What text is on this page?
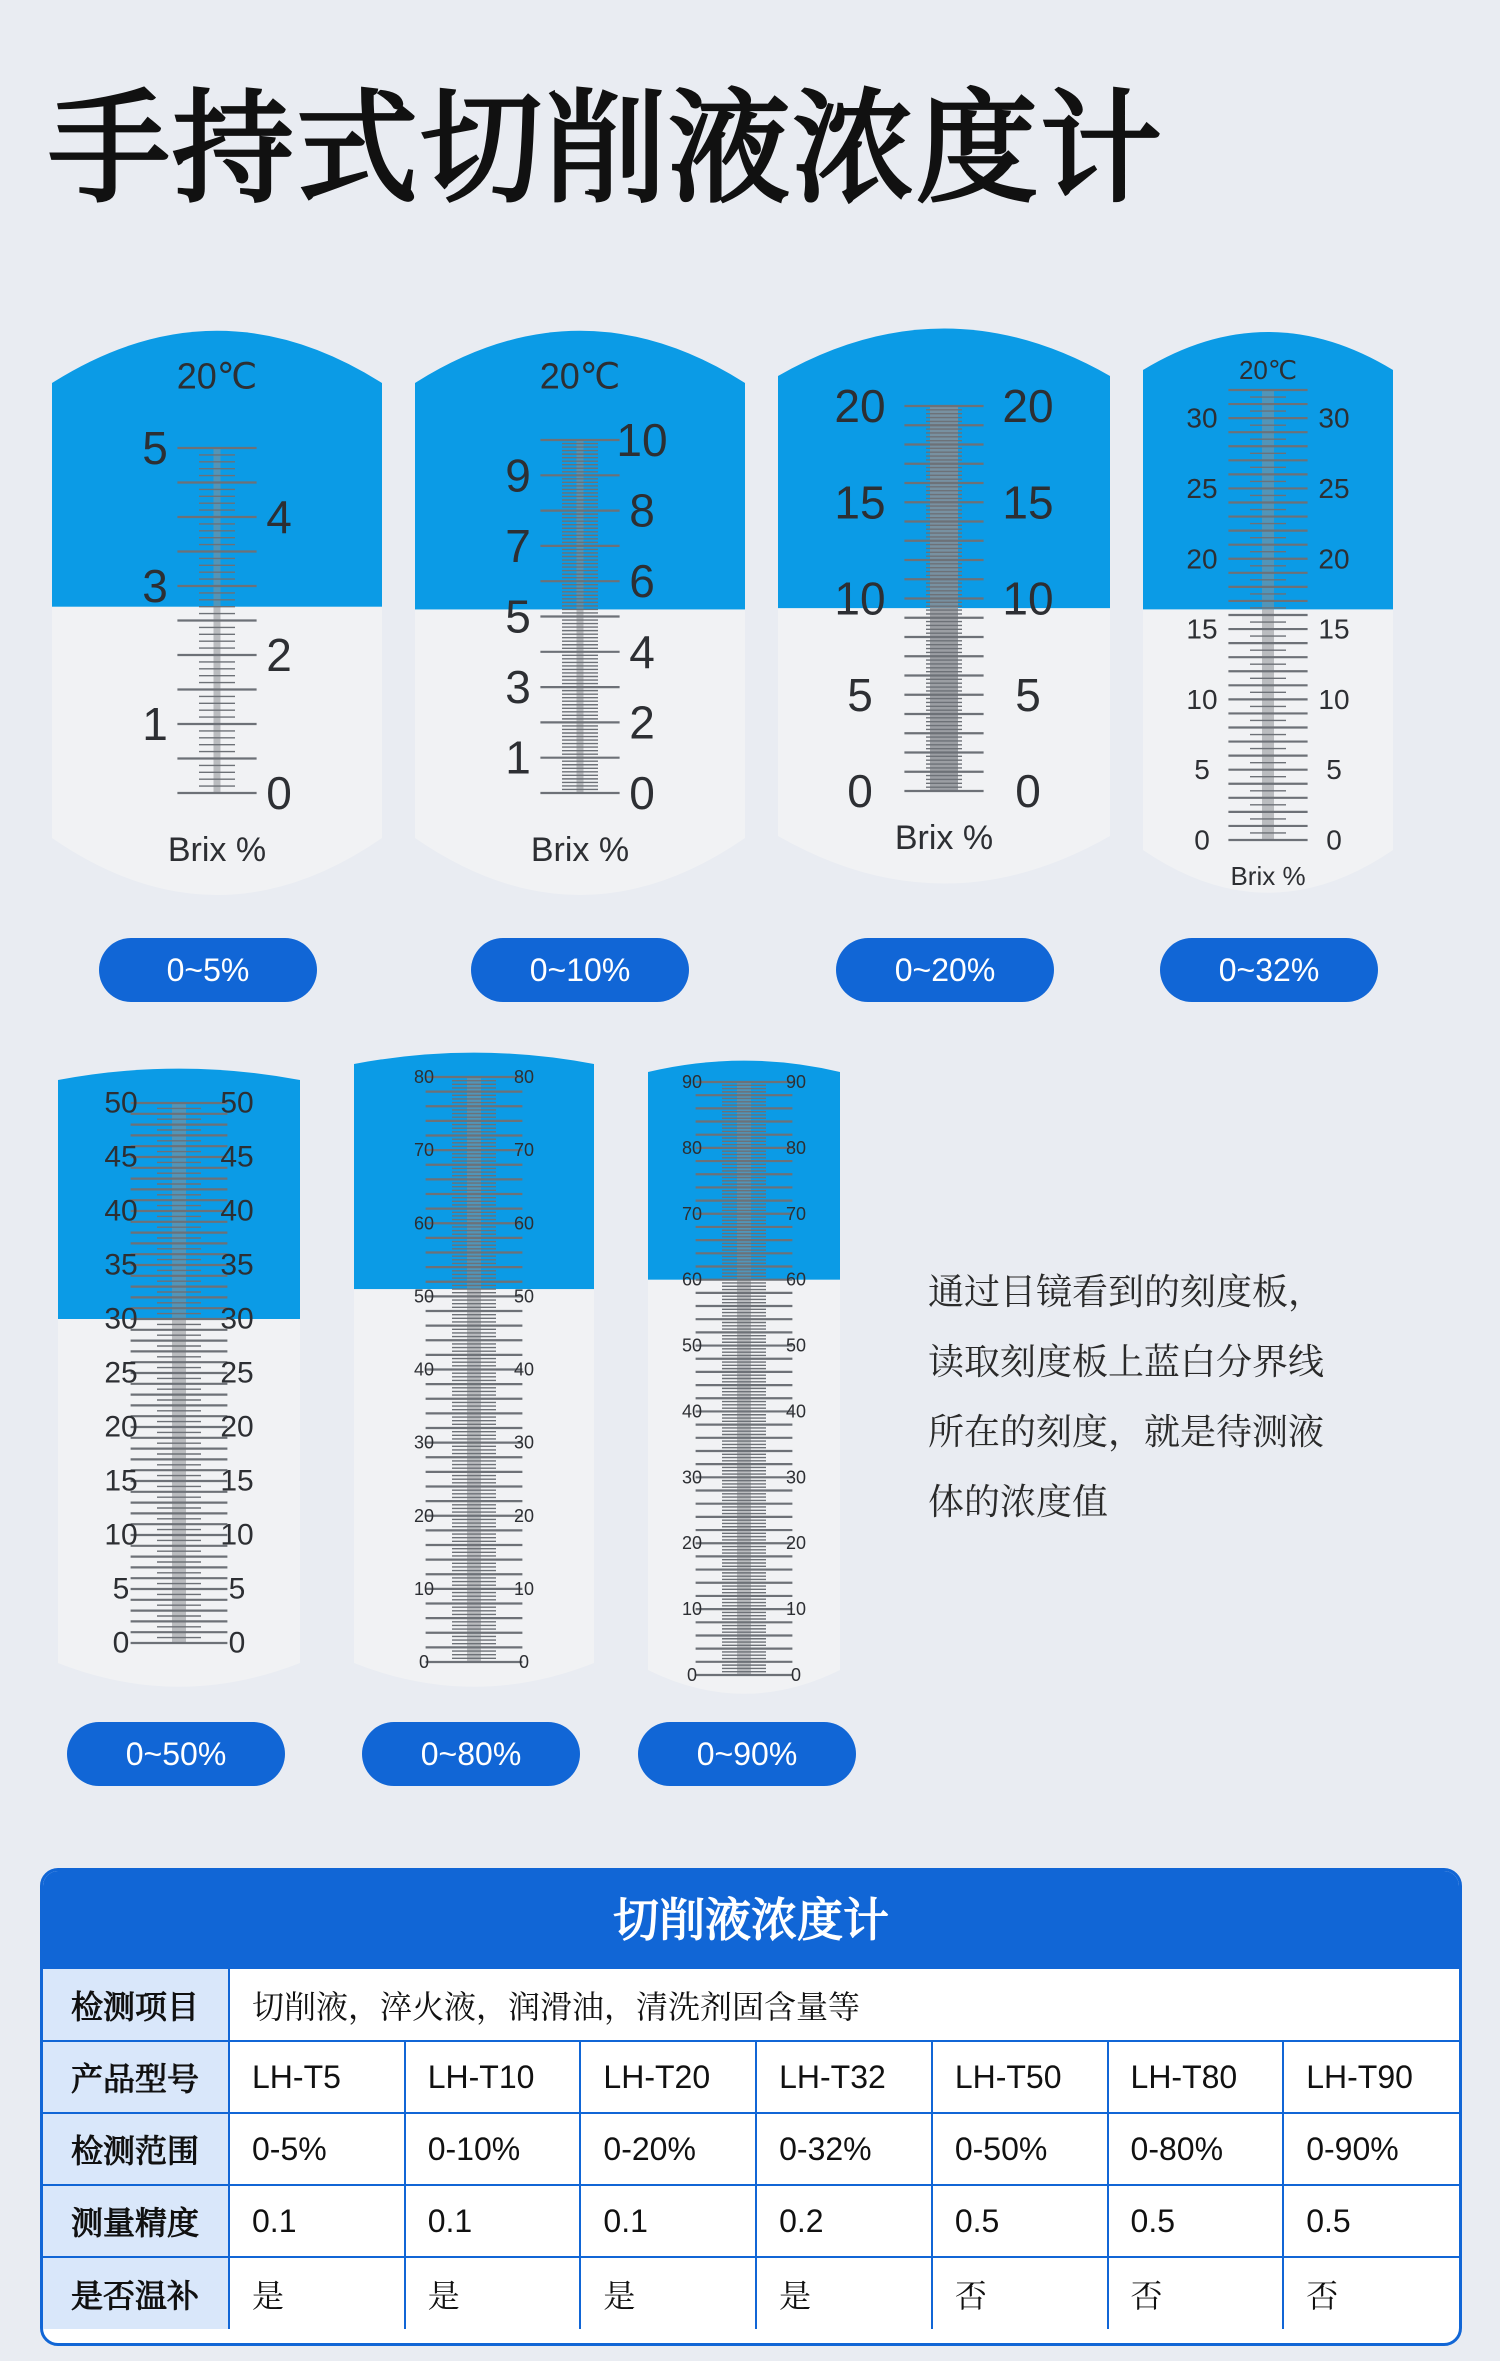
手持式切削液浓度计
5
3
1
4
2
0
20℃
Brix %
9
7
5
3
1
10
8
6
4
2
0
20℃
Brix %
20
15
10
5
0
20
15
10
5
0
Brix %
30
25
20
15
10
5
0
30
25
20
15
10
5
0
20℃
Brix %
0~5%	0~10%	0~20%	0~32%
50
45
40
35
30
25
20
15
10
5
0
50
45
40
35
30
25
20
15
10
5
0
80
70
60
50
40
30
20
10
0
80
70
60
50
40
30
20
10
0
90
80
70
60
50
40
30
20
10
0
90
80
70
60
50
40
30
20
10
0
0~50%	0~80%	0~90%

通过目镜看到的刻度板，
读取刻度板上蓝白分界线
所在的刻度，就是待测液
体的浓度值

切削液浓度计
检测项目	切削液，淬火液，润滑油，清洗剂固含量等						
产品型号	LH-T5	LH-T10	LH-T20	LH-T32	LH-T50	LH-T80	LH-T90
检测范围	0-5%	0-10%	0-20%	0-32%	0-50%	0-80%	0-90%
测量精度	0.1	0.1	0.1	0.2	0.5	0.5	0.5
是否温补	是	是	是	是	否	否	否
